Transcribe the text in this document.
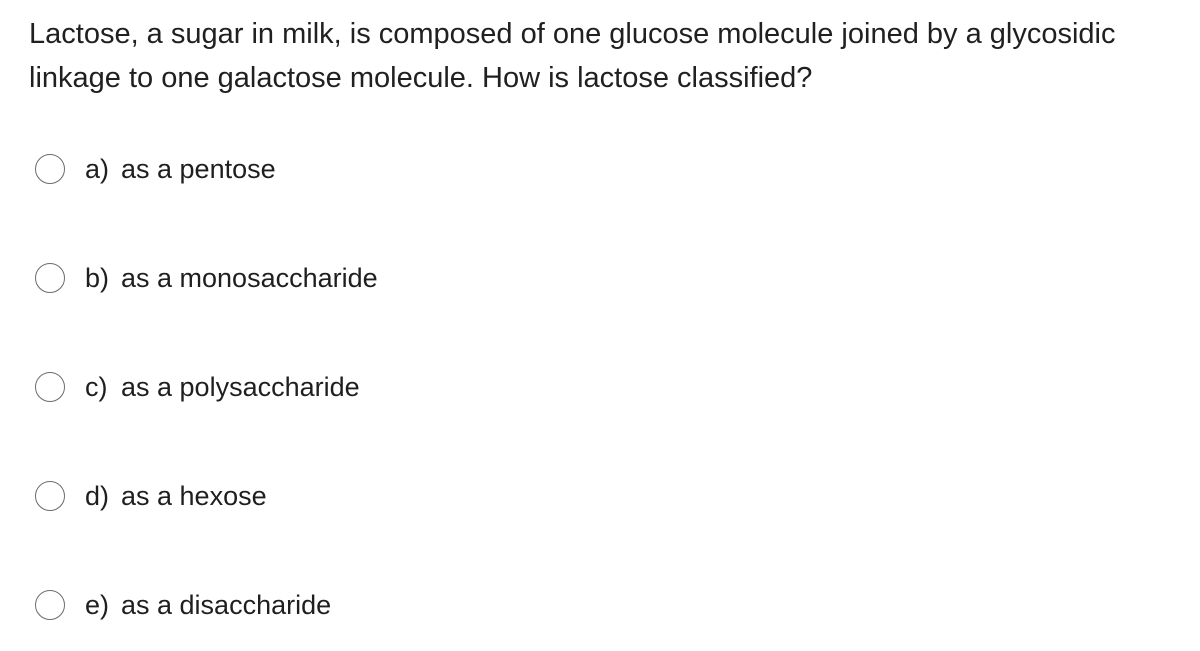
Lactose, a sugar in milk, is composed of one glucose molecule joined by a glycosidic linkage to one galactose molecule. How is lactose classified?

a) as a pentose
b) as a monosaccharide
c) as a polysaccharide
d) as a hexose
e) as a disaccharide
